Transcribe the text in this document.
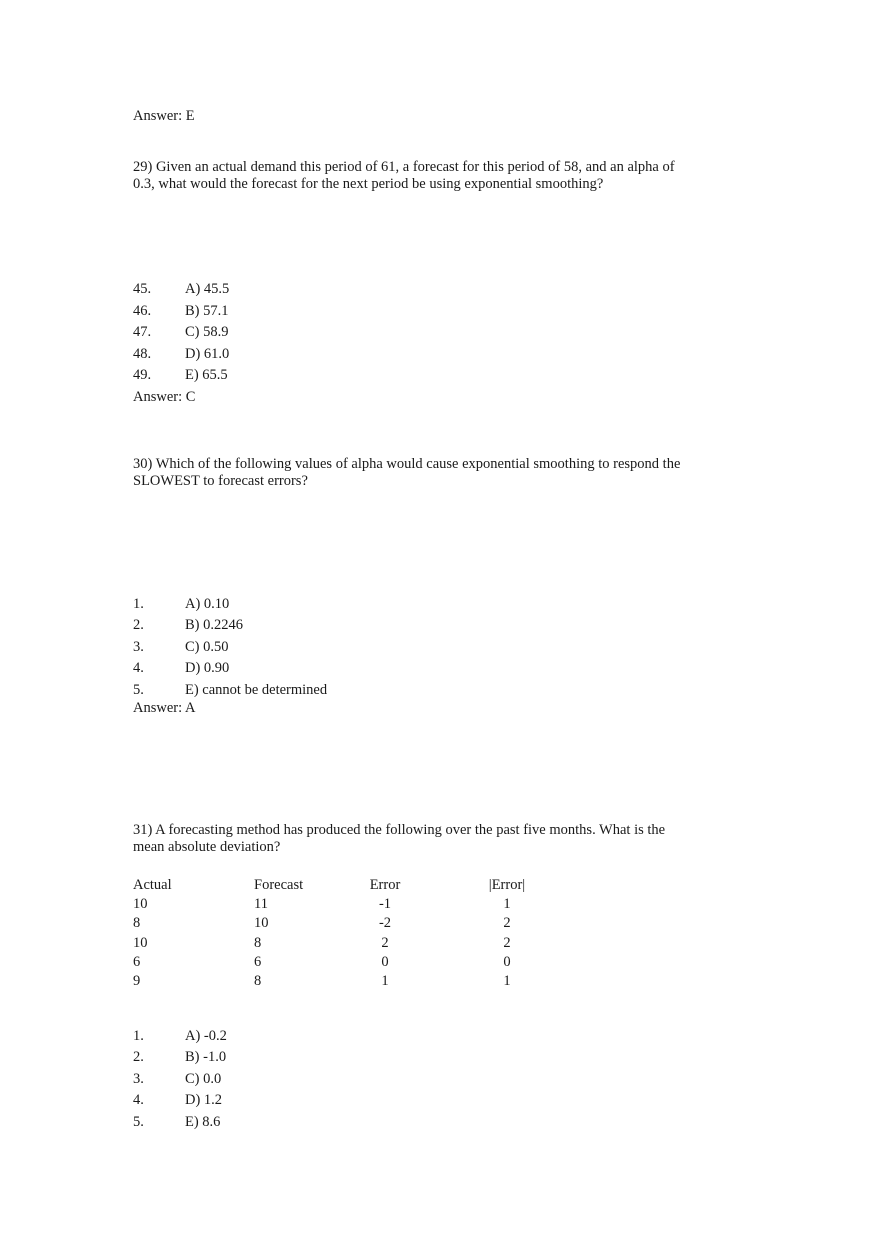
Answer: E
29) Given an actual demand this period of 61, a forecast for this period of 58, and an alpha of 0.3, what would the forecast for the next period be using exponential smoothing?
45. A) 45.5
46. B) 57.1
47. C) 58.9
48. D) 61.0
49. E) 65.5
Answer: C
30) Which of the following values of alpha would cause exponential smoothing to respond the SLOWEST to forecast errors?
1.	A) 0.10
2.	B) 0.2246
3.	C) 0.50
4.	D) 0.90
5.	E) cannot be determined
Answer: A
31) A forecasting method has produced the following over the past five months. What is the mean absolute deviation?
Actual	Forecast	Error	|Error|
10	11	-1	1
8	10	-2	2
10	8	2	2
6	6	0	0
9	8	1	1
1.	A) -0.2
2.	B) -1.0
3.	C) 0.0
4.	D) 1.2
5.	E) 8.6
